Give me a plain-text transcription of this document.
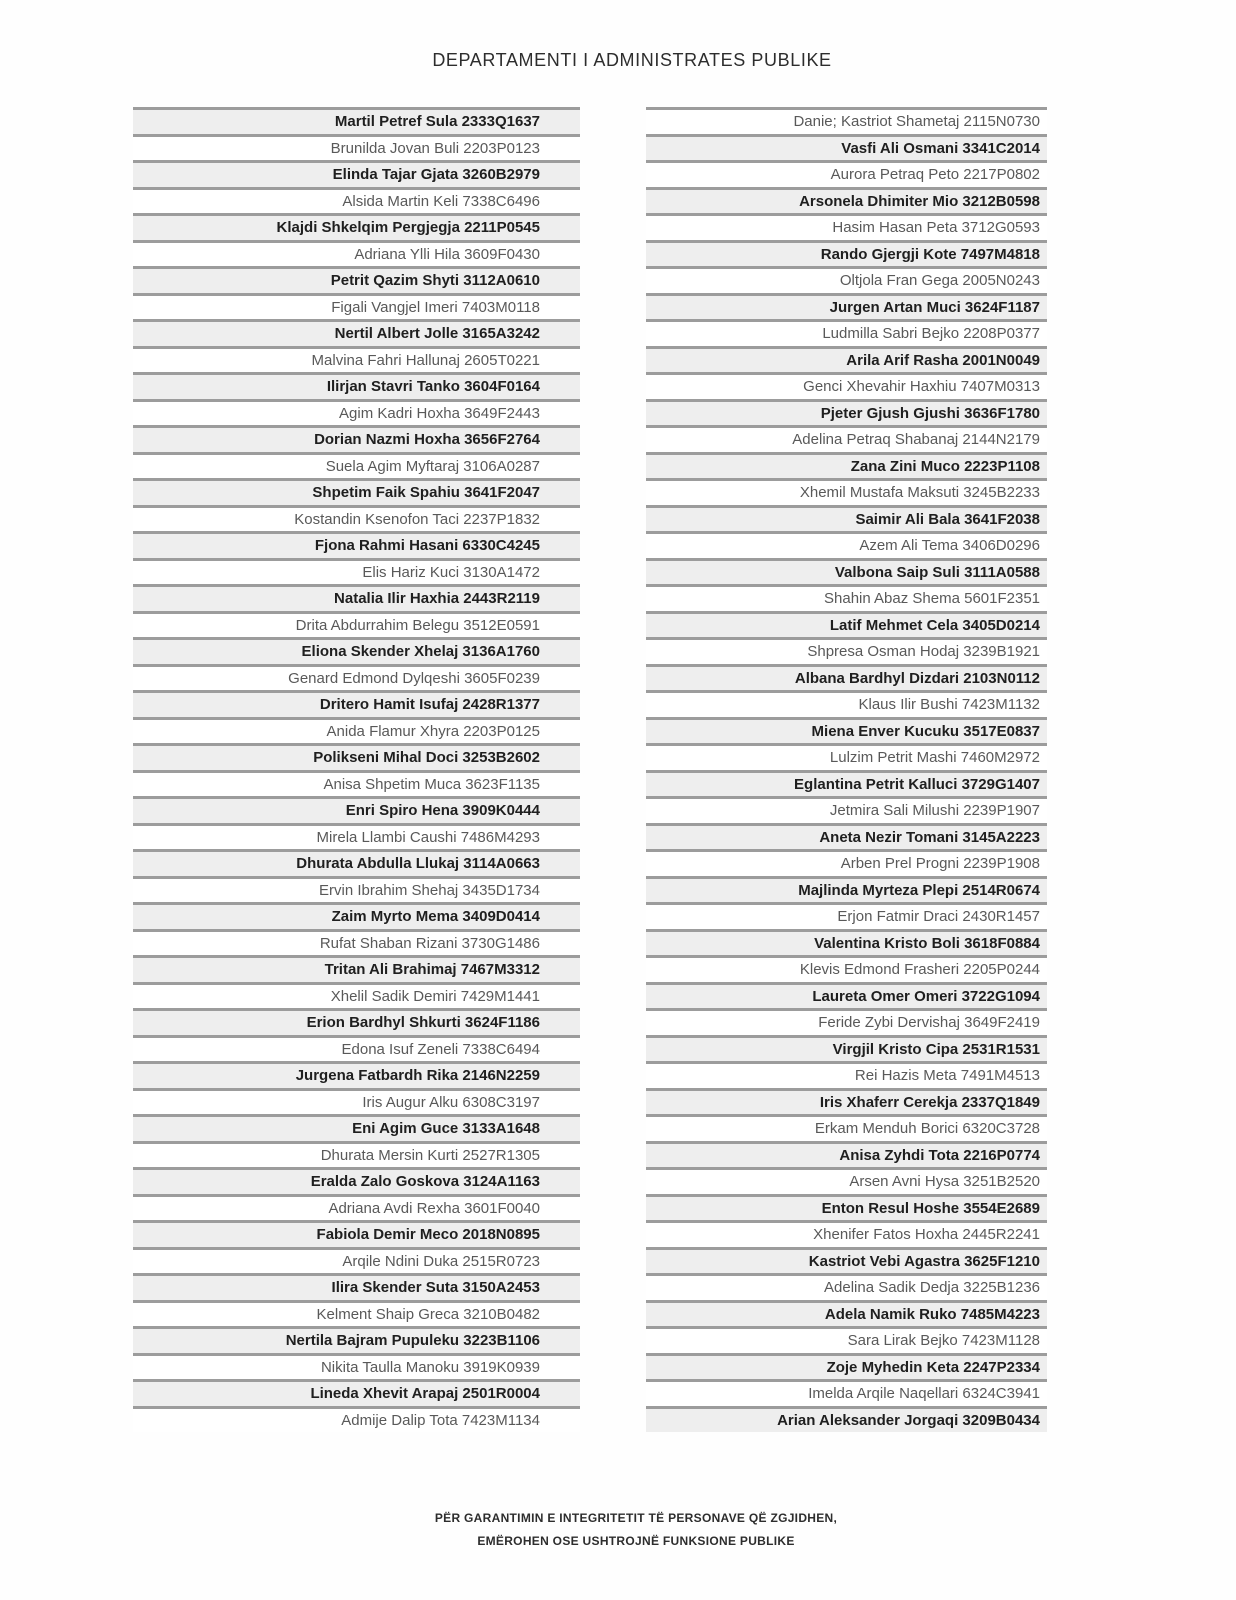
DEPARTAMENTI I ADMINISTRATES PUBLIKE
Martil Petref Sula 2333Q1637
Brunilda Jovan Buli 2203P0123
Elinda Tajar Gjata 3260B2979
Alsida Martin Keli 7338C6496
Klajdi Shkelqim Pergjegja 2211P0545
Adriana Ylli Hila 3609F0430
Petrit Qazim Shyti 3112A0610
Figali Vangjel Imeri 7403M0118
Nertil Albert Jolle 3165A3242
Malvina Fahri Hallunaj 2605T0221
Ilirjan Stavri Tanko 3604F0164
Agim Kadri Hoxha 3649F2443
Dorian Nazmi Hoxha 3656F2764
Suela Agim Myftaraj 3106A0287
Shpetim Faik Spahiu 3641F2047
Kostandin Ksenofon Taci 2237P1832
Fjona Rahmi Hasani 6330C4245
Elis Hariz Kuci 3130A1472
Natalia Ilir Haxhia 2443R2119
Drita Abdurrahim Belegu 3512E0591
Eliona Skender Xhelaj 3136A1760
Genard Edmond Dylqeshi 3605F0239
Dritero Hamit Isufaj 2428R1377
Anida Flamur Xhyra 2203P0125
Polikseni Mihal Doci 3253B2602
Anisa Shpetim Muca 3623F1135
Enri Spiro Hena 3909K0444
Mirela Llambi Caushi 7486M4293
Dhurata Abdulla Llukaj 3114A0663
Ervin Ibrahim Shehaj 3435D1734
Zaim Myrto Mema 3409D0414
Rufat Shaban Rizani 3730G1486
Tritan Ali Brahimaj 7467M3312
Xhelil Sadik Demiri 7429M1441
Erion Bardhyl Shkurti 3624F1186
Edona Isuf Zeneli 7338C6494
Jurgena Fatbardh Rika 2146N2259
Iris Augur Alku 6308C3197
Eni Agim Guce 3133A1648
Dhurata Mersin Kurti 2527R1305
Eralda Zalo Goskova 3124A1163
Adriana Avdi Rexha 3601F0040
Fabiola Demir Meco 2018N0895
Arqile Ndini Duka 2515R0723
Ilira Skender Suta 3150A2453
Kelment Shaip Greca 3210B0482
Nertila Bajram Pupuleku 3223B1106
Nikita Taulla Manoku 3919K0939
Lineda Xhevit Arapaj 2501R0004
Admije Dalip Tota 7423M1134
Danie; Kastriot Shametaj 2115N0730
Vasfi Ali Osmani 3341C2014
Aurora Petraq Peto 2217P0802
Arsonela Dhimiter Mio 3212B0598
Hasim Hasan Peta 3712G0593
Rando Gjergji Kote 7497M4818
Oltjola Fran Gega 2005N0243
Jurgen Artan Muci 3624F1187
Ludmilla Sabri Bejko 2208P0377
Arila Arif Rasha 2001N0049
Genci Xhevahir Haxhiu 7407M0313
Pjeter Gjush Gjushi 3636F1780
Adelina Petraq Shabanaj 2144N2179
Zana Zini Muco 2223P1108
Xhemil Mustafa Maksuti 3245B2233
Saimir Ali Bala 3641F2038
Azem Ali Tema 3406D0296
Valbona Saip Suli 3111A0588
Shahin Abaz Shema 5601F2351
Latif Mehmet Cela 3405D0214
Shpresa Osman Hodaj 3239B1921
Albana Bardhyl Dizdari 2103N0112
Klaus Ilir Bushi 7423M1132
Miena Enver Kucuku 3517E0837
Lulzim Petrit Mashi 7460M2972
Eglantina Petrit Kalluci 3729G1407
Jetmira Sali Milushi 2239P1907
Aneta Nezir Tomani 3145A2223
Arben Prel Progni 2239P1908
Majlinda Myrteza Plepi 2514R0674
Erjon Fatmir Draci 2430R1457
Valentina Kristo Boli 3618F0884
Klevis Edmond Frasheri 2205P0244
Laureta Omer Omeri 3722G1094
Feride Zybi Dervishaj 3649F2419
Virgjil Kristo Cipa 2531R1531
Rei Hazis Meta 7491M4513
Iris Xhaferr Cerekja 2337Q1849
Erkam Menduh Borici 6320C3728
Anisa Zyhdi Tota 2216P0774
Arsen Avni Hysa 3251B2520
Enton Resul Hoshe 3554E2689
Xhenifer Fatos Hoxha 2445R2241
Kastriot Vebi Agastra 3625F1210
Adelina Sadik Dedja 3225B1236
Adela Namik Ruko 7485M4223
Sara Lirak Bejko 7423M1128
Zoje Myhedin Keta 2247P2334
Imelda Arqile Naqellari 6324C3941
Arian Aleksander Jorgaqi 3209B0434
PËR GARANTIMIN E INTEGRITETIT TË PERSONAVE QË ZGJIDHEN,
EMËROHEN OSE USHTROJNË FUNKSIONE PUBLIKE
